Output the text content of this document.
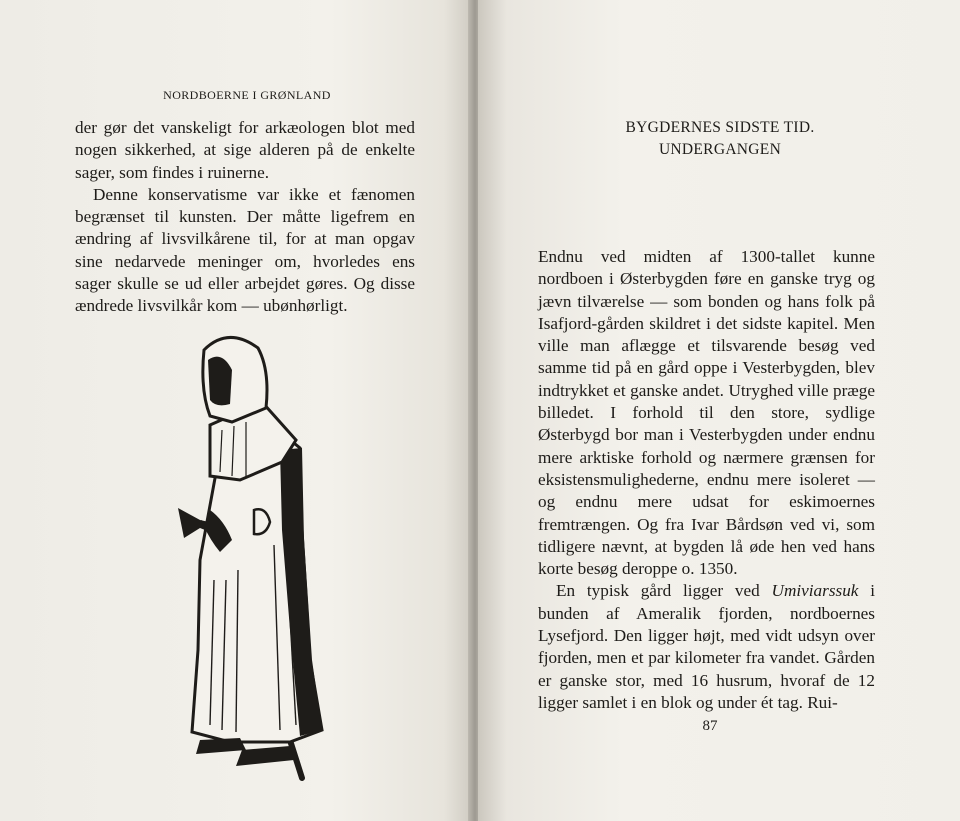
NORDBOERNE I GRØNLAND

der gør det vanskeligt for arkæologen blot med nogen sikkerhed, at sige alderen på de enkelte sager, som findes i ruinerne.

Denne konservatisme var ikke et fænomen begrænset til kunsten. Der måtte ligefrem en ændring af livsvilkårene til, for at man opgav sine nedarvede meninger om, hvorledes ens sager skulle se ud eller arbejdet gøres. Og disse ændrede livsvilkår kom — ubønhørligt.

BYGDERNES SIDSTE TID.
UNDERGANGEN

Endnu ved midten af 1300-tallet kunne nordboen i Østerbygden føre en ganske tryg og jævn tilværelse — som bonden og hans folk på Isafjord-gården skildret i det sidste kapitel. Men ville man aflægge et tilsvarende besøg ved samme tid på en gård oppe i Vesterbygden, blev indtrykket et ganske andet. Utryghed ville præge billedet. I forhold til den store, sydlige Østerbygd bor man i Vesterbygden under endnu mere arktiske forhold og nærmere grænsen for eksistensmulighederne, endnu mere isoleret — og endnu mere udsat for eskimoernes fremtrængen. Og fra Ivar Bårdsøn ved vi, som tidligere nævnt, at bygden lå øde hen ved hans korte besøg deroppe o. 1350.

En typisk gård ligger ved Umiviarssuk i bunden af Ameralik fjorden, nordboernes Lysefjord. Den ligger højt, med vidt udsyn over fjorden, men et par kilometer fra vandet. Gården er ganske stor, med 16 husrum, hvoraf de 12 ligger samlet i en blok og under ét tag. Rui-

87
